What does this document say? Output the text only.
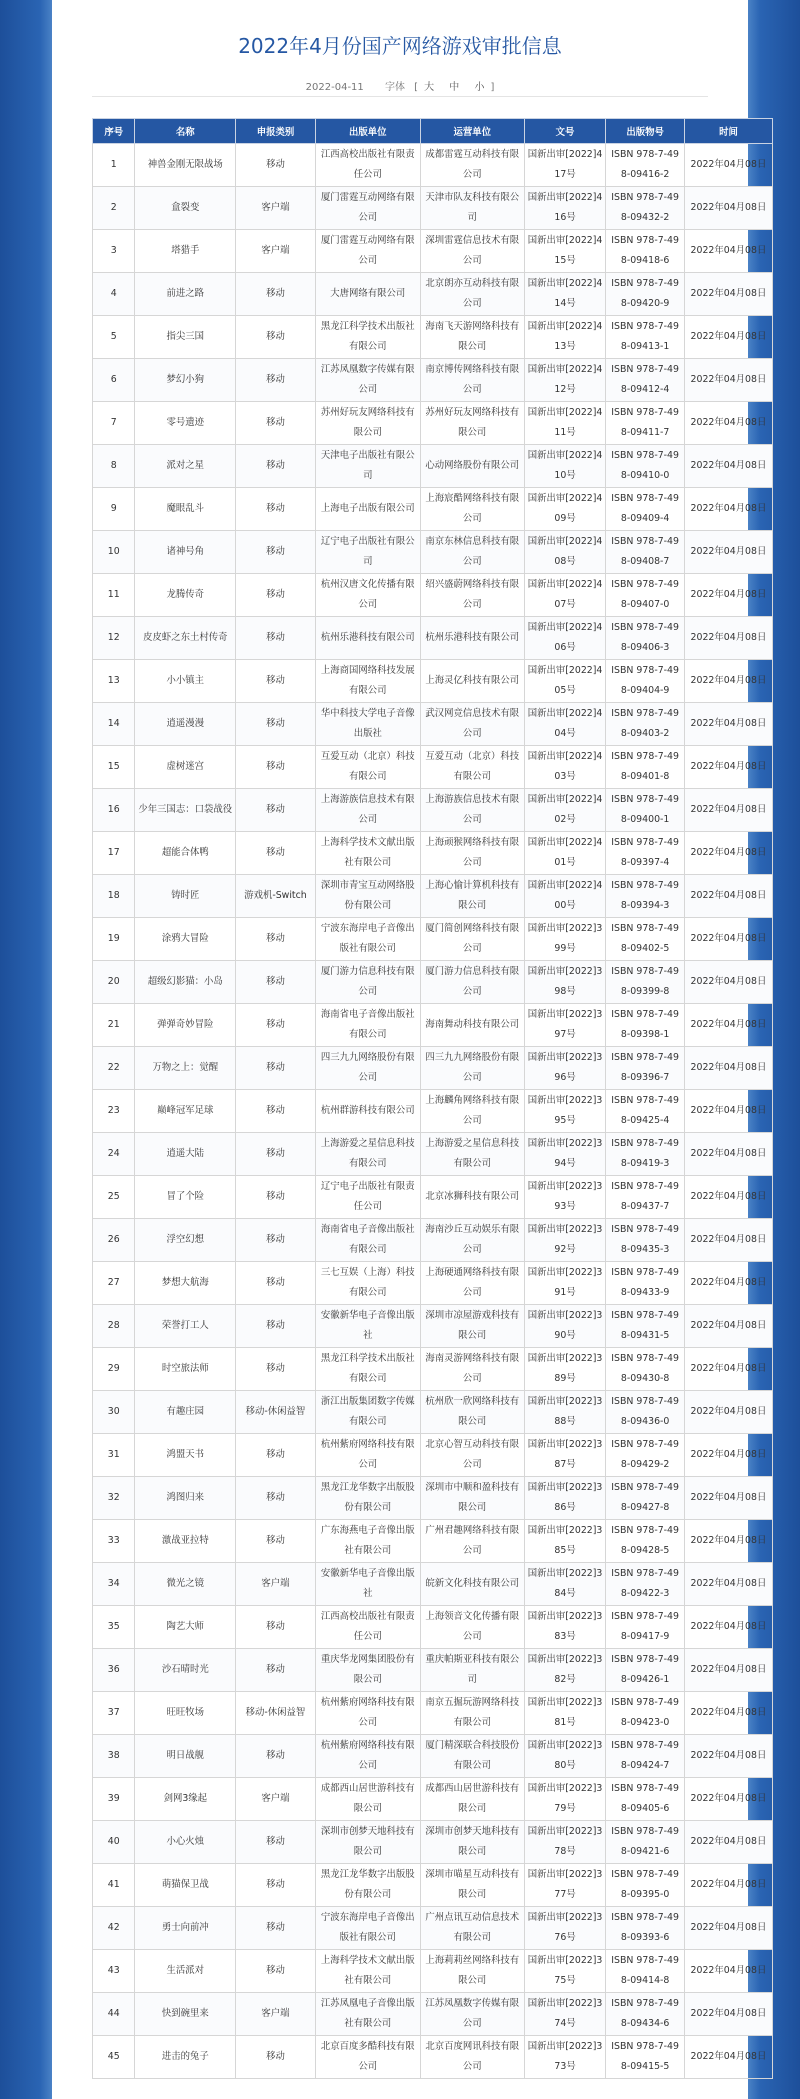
2022年4月份国产网络游戏审批信息
2022-04-11 字体 [ 大 中 小 ]
序号	名称	申报类别	出版单位	运营单位	文号	出版物号	时间
1	神兽金刚无限战场	移动	江西高校出版社有限责任公司	成都雷霆互动科技有限公司	国新出审[2022]417号	ISBN 978-7-498-09416-2	2022年04月08日
2	盒裂变	客户端	厦门雷霆互动网络有限公司	天津市队友科技有限公司	国新出审[2022]416号	ISBN 978-7-498-09432-2	2022年04月08日
3	塔猎手	客户端	厦门雷霆互动网络有限公司	深圳雷霆信息技术有限公司	国新出审[2022]415号	ISBN 978-7-498-09418-6	2022年04月08日
4	前进之路	移动	大唐网络有限公司	北京朗亦互动科技有限公司	国新出审[2022]414号	ISBN 978-7-498-09420-9	2022年04月08日
5	指尖三国	移动	黑龙江科学技术出版社有限公司	海南飞天游网络科技有限公司	国新出审[2022]413号	ISBN 978-7-498-09413-1	2022年04月08日
6	梦幻小狗	移动	江苏凤凰数字传媒有限公司	南京博传网络科技有限公司	国新出审[2022]412号	ISBN 978-7-498-09412-4	2022年04月08日
7	零号遗迹	移动	苏州好玩友网络科技有限公司	苏州好玩友网络科技有限公司	国新出审[2022]411号	ISBN 978-7-498-09411-7	2022年04月08日
8	派对之星	移动	天津电子出版社有限公司	心动网络股份有限公司	国新出审[2022]410号	ISBN 978-7-498-09410-0	2022年04月08日
9	魔眼乱斗	移动	上海电子出版有限公司	上海宸酷网络科技有限公司	国新出审[2022]409号	ISBN 978-7-498-09409-4	2022年04月08日
10	诸神号角	移动	辽宁电子出版社有限公司	南京东林信息科技有限公司	国新出审[2022]408号	ISBN 978-7-498-09408-7	2022年04月08日
11	龙腾传奇	移动	杭州汉唐文化传播有限公司	绍兴盛蔚网络科技有限公司	国新出审[2022]407号	ISBN 978-7-498-09407-0	2022年04月08日
12	皮皮虾之东土村传奇	移动	杭州乐港科技有限公司	杭州乐港科技有限公司	国新出审[2022]406号	ISBN 978-7-498-09406-3	2022年04月08日
13	小小镇主	移动	上海商国网络科技发展有限公司	上海灵亿科技有限公司	国新出审[2022]405号	ISBN 978-7-498-09404-9	2022年04月08日
14	逍遥漫漫	移动	华中科技大学电子音像出版社	武汉网竞信息技术有限公司	国新出审[2022]404号	ISBN 978-7-498-09403-2	2022年04月08日
15	虚树迷宫	移动	互爱互动（北京）科技有限公司	互爱互动（北京）科技有限公司	国新出审[2022]403号	ISBN 978-7-498-09401-8	2022年04月08日
16	少年三国志：口袋战役	移动	上海游族信息技术有限公司	上海游族信息技术有限公司	国新出审[2022]402号	ISBN 978-7-498-09400-1	2022年04月08日
17	超能合体鸭	移动	上海科学技术文献出版社有限公司	上海顽猴网络科技有限公司	国新出审[2022]401号	ISBN 978-7-498-09397-4	2022年04月08日
18	铸时匠	游戏机-Switch	深圳市青宝互动网络股份有限公司	上海心愉计算机科技有限公司	国新出审[2022]400号	ISBN 978-7-498-09394-3	2022年04月08日
19	涂鸦大冒险	移动	宁波东海岸电子音像出版社有限公司	厦门简创网络科技有限公司	国新出审[2022]399号	ISBN 978-7-498-09402-5	2022年04月08日
20	超级幻影猫：小岛	移动	厦门游力信息科技有限公司	厦门游力信息科技有限公司	国新出审[2022]398号	ISBN 978-7-498-09399-8	2022年04月08日
21	弹弹奇妙冒险	移动	海南省电子音像出版社有限公司	海南舞动科技有限公司	国新出审[2022]397号	ISBN 978-7-498-09398-1	2022年04月08日
22	万物之上：觉醒	移动	四三九九网络股份有限公司	四三九九网络股份有限公司	国新出审[2022]396号	ISBN 978-7-498-09396-7	2022年04月08日
23	巅峰冠军足球	移动	杭州群游科技有限公司	上海麟角网络科技有限公司	国新出审[2022]395号	ISBN 978-7-498-09425-4	2022年04月08日
24	逍遥大陆	移动	上海游爱之星信息科技有限公司	上海游爱之星信息科技有限公司	国新出审[2022]394号	ISBN 978-7-498-09419-3	2022年04月08日
25	冒了个险	移动	辽宁电子出版社有限责任公司	北京冰狮科技有限公司	国新出审[2022]393号	ISBN 978-7-498-09437-7	2022年04月08日
26	浮空幻想	移动	海南省电子音像出版社有限公司	海南沙丘互动娱乐有限公司	国新出审[2022]392号	ISBN 978-7-498-09435-3	2022年04月08日
27	梦想大航海	移动	三七互娱（上海）科技有限公司	上海硬通网络科技有限公司	国新出审[2022]391号	ISBN 978-7-498-09433-9	2022年04月08日
28	荣誉打工人	移动	安徽新华电子音像出版社	深圳市凉屋游戏科技有限公司	国新出审[2022]390号	ISBN 978-7-498-09431-5	2022年04月08日
29	时空旅法师	移动	黑龙江科学技术出版社有限公司	海南灵游网络科技有限公司	国新出审[2022]389号	ISBN 978-7-498-09430-8	2022年04月08日
30	有趣庄园	移动-休闲益智	浙江出版集团数字传媒有限公司	杭州欣一欣网络科技有限公司	国新出审[2022]388号	ISBN 978-7-498-09436-0	2022年04月08日
31	鸿盟天书	移动	杭州紫府网络科技有限公司	北京心智互动科技有限公司	国新出审[2022]387号	ISBN 978-7-498-09429-2	2022年04月08日
32	鸿图归来	移动	黑龙江龙华数字出版股份有限公司	深圳市中顺和盈科技有限公司	国新出审[2022]386号	ISBN 978-7-498-09427-8	2022年04月08日
33	激战亚拉特	移动	广东海燕电子音像出版社有限公司	广州君趣网络科技有限公司	国新出审[2022]385号	ISBN 978-7-498-09428-5	2022年04月08日
34	微光之镜	客户端	安徽新华电子音像出版社	皖新文化科技有限公司	国新出审[2022]384号	ISBN 978-7-498-09422-3	2022年04月08日
35	陶艺大师	移动	江西高校出版社有限责任公司	上海领音文化传播有限公司	国新出审[2022]383号	ISBN 978-7-498-09417-9	2022年04月08日
36	沙石晴时光	移动	重庆华龙网集团股份有限公司	重庆帕斯亚科技有限公司	国新出审[2022]382号	ISBN 978-7-498-09426-1	2022年04月08日
37	旺旺牧场	移动-休闲益智	杭州紫府网络科技有限公司	南京五掘玩游网络科技有限公司	国新出审[2022]381号	ISBN 978-7-498-09423-0	2022年04月08日
38	明日战舰	移动	杭州紫府网络科技有限公司	厦门精深联合科技股份有限公司	国新出审[2022]380号	ISBN 978-7-498-09424-7	2022年04月08日
39	剑网3缘起	客户端	成都西山居世游科技有限公司	成都西山居世游科技有限公司	国新出审[2022]379号	ISBN 978-7-498-09405-6	2022年04月08日
40	小心火烛	移动	深圳市创梦天地科技有限公司	深圳市创梦天地科技有限公司	国新出审[2022]378号	ISBN 978-7-498-09421-6	2022年04月08日
41	萌猫保卫战	移动	黑龙江龙华数字出版股份有限公司	深圳市喵星互动科技有限公司	国新出审[2022]377号	ISBN 978-7-498-09395-0	2022年04月08日
42	勇士向前冲	移动	宁波东海岸电子音像出版社有限公司	广州点讯互动信息技术有限公司	国新出审[2022]376号	ISBN 978-7-498-09393-6	2022年04月08日
43	生活派对	移动	上海科学技术文献出版社有限公司	上海莉莉丝网络科技有限公司	国新出审[2022]375号	ISBN 978-7-498-09414-8	2022年04月08日
44	快到碗里来	客户端	江苏凤凰电子音像出版社有限公司	江苏凤凰数字传媒有限公司	国新出审[2022]374号	ISBN 978-7-498-09434-6	2022年04月08日
45	进击的兔子	移动	北京百度多酷科技有限公司	北京百度网讯科技有限公司	国新出审[2022]373号	ISBN 978-7-498-09415-5	2022年04月08日
